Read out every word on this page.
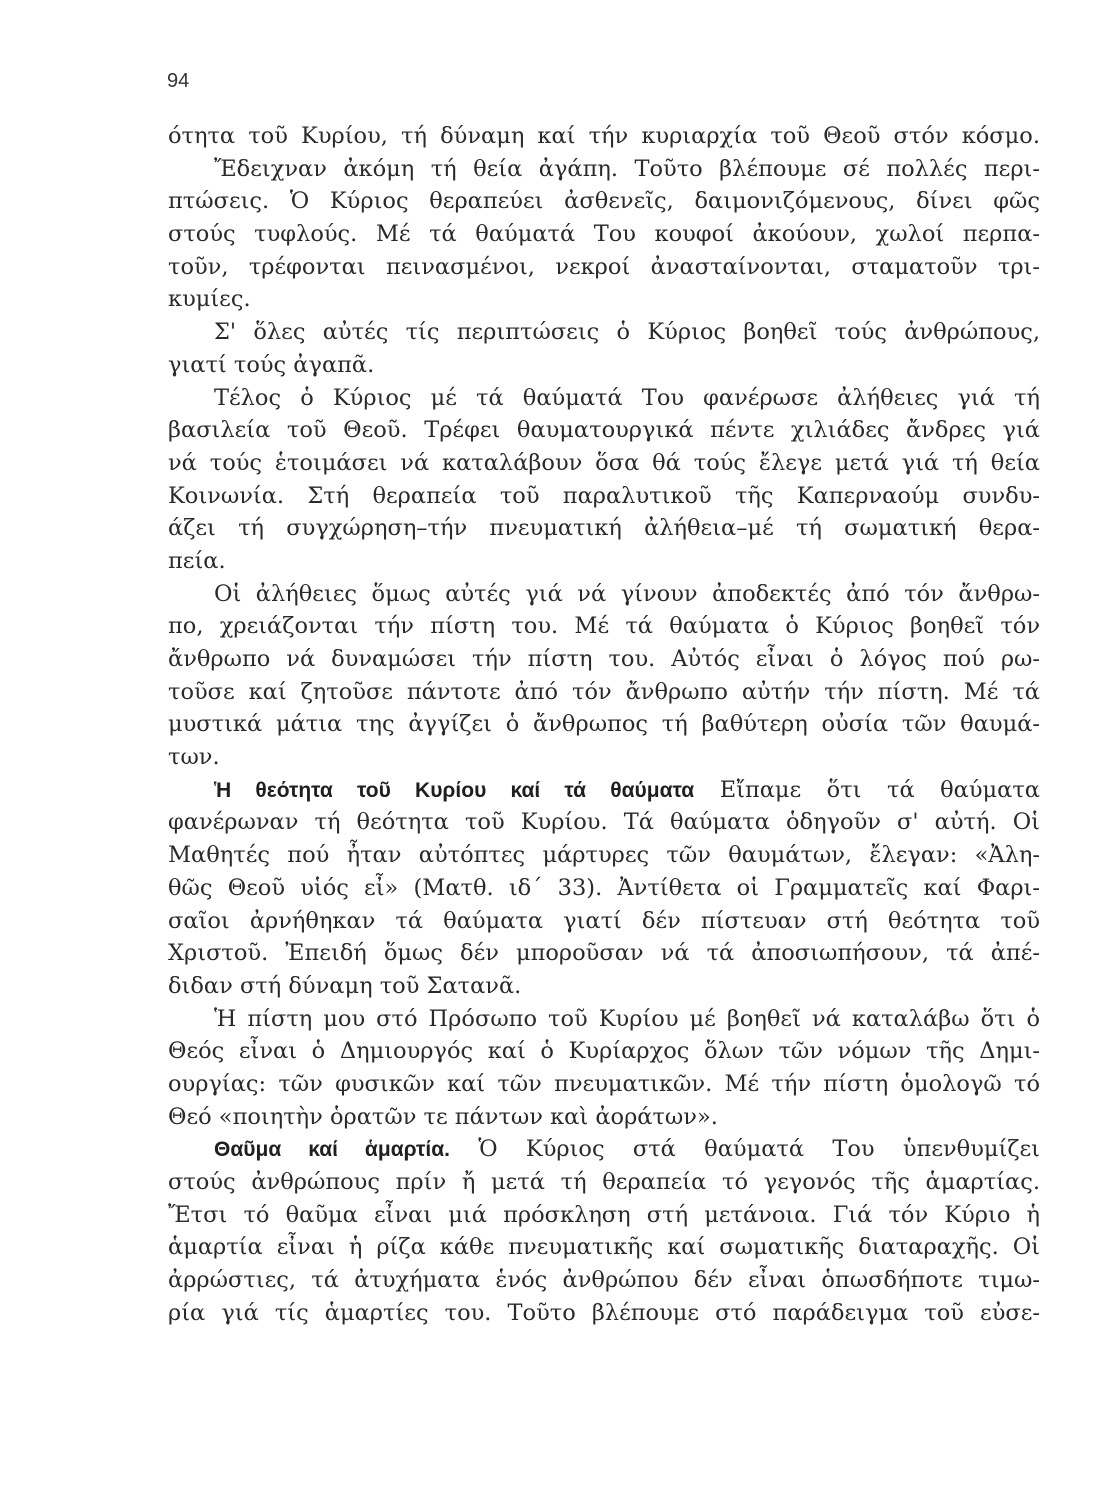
94
ότητα τοῦ Κυρίου, τή δύναμη καί τήν κυριαρχία τοῦ Θεοῦ στόν κόσμο.
Ἔδειχναν ἀκόμη τή θεία ἀγάπη. Τοῦτο βλέπουμε σέ πολλές περι-
πτώσεις. Ὁ Κύριος θεραπεύει ἀσθενεῖς, δαιμονιζόμενους, δίνει φῶς
στούς τυφλούς. Μέ τά θαύματά Του κουφοί ἀκούουν, χωλοί περπα-
τοῦν, τρέφονται πεινασμένοι, νεκροί ἀνασταίνονται, σταματοῦν τρι-
κυμίες.
Σ' ὅλες αὐτές τίς περιπτώσεις ὁ Κύριος βοηθεῖ τούς ἀνθρώπους,
γιατί τούς ἀγαπᾶ.
Τέλος ὁ Κύριος μέ τά θαύματά Του φανέρωσε ἀλήθειες γιά τή
βασιλεία τοῦ Θεοῦ. Τρέφει θαυματουργικά πέντε χιλιάδες ἄνδρες γιά
νά τούς ἑτοιμάσει νά καταλάβουν ὅσα θά τούς ἔλεγε μετά γιά τή θεία
Κοινωνία. Στή θεραπεία τοῦ παραλυτικοῦ τῆς Καπερναούμ συνδυ-
άζει τή συγχώρηση–τήν πνευματική ἀλήθεια–μέ τή σωματική θερα-
πεία.
Οἱ ἀλήθειες ὅμως αὐτές γιά νά γίνουν ἀποδεκτές ἀπό τόν ἄνθρω-
πο, χρειάζονται τήν πίστη του. Μέ τά θαύματα ὁ Κύριος βοηθεῖ τόν
ἄνθρωπο νά δυναμώσει τήν πίστη του. Αὐτός εἶναι ὁ λόγος πού ρω-
τοῦσε καί ζητοῦσε πάντοτε ἀπό τόν ἄνθρωπο αὐτήν τήν πίστη. Μέ τά
μυστικά μάτια της ἀγγίζει ὁ ἄνθρωπος τή βαθύτερη οὐσία τῶν θαυμά-
των.
Ἡ θεότητα τοῦ Κυρίου καί τά θαύματα Εἴπαμε ὅτι τά θαύματα
φανέρωναν τή θεότητα τοῦ Κυρίου. Τά θαύματα ὁδηγοῦν σ' αὐτή. Οἱ
Μαθητές πού ἦταν αὐτόπτες μάρτυρες τῶν θαυμάτων, ἔλεγαν: «Ἀλη-
θῶς Θεοῦ υἱός εἶ» (Ματθ. ιδ΄ 33). Ἀντίθετα οἱ Γραμματεῖς καί Φαρι-
σαῖοι ἀρνήθηκαν τά θαύματα γιατί δέν πίστευαν στή θεότητα τοῦ
Χριστοῦ. Ἐπειδή ὅμως δέν μποροῦσαν νά τά ἀποσιωπήσουν, τά ἀπέ-
διδαν στή δύναμη τοῦ Σατανᾶ.
Ἡ πίστη μου στό Πρόσωπο τοῦ Κυρίου μέ βοηθεῖ νά καταλάβω ὅτι ὁ
Θεός εἶναι ὁ Δημιουργός καί ὁ Κυρίαρχος ὅλων τῶν νόμων τῆς Δημι-
ουργίας: τῶν φυσικῶν καί τῶν πνευματικῶν. Μέ τήν πίστη ὁμολογῶ τό
Θεό «ποιητὴν ὁρατῶν τε πάντων καὶ ἀοράτων».
Θαῦμα καί ἁμαρτία. Ὁ Κύριος στά θαύματά Του ὑπενθυμίζει
στούς ἀνθρώπους πρίν ἤ μετά τή θεραπεία τό γεγονός τῆς ἁμαρτίας.
Ἔτσι τό θαῦμα εἶναι μιά πρόσκληση στή μετάνοια. Γιά τόν Κύριο ἡ
ἁμαρτία εἶναι ἡ ρίζα κάθε πνευματικῆς καί σωματικῆς διαταραχῆς. Οἱ
ἀρρώστιες, τά ἀτυχήματα ἑνός ἀνθρώπου δέν εἶναι ὁπωσδήποτε τιμω-
ρία γιά τίς ἁμαρτίες του. Τοῦτο βλέπουμε στό παράδειγμα τοῦ εὐσε-
